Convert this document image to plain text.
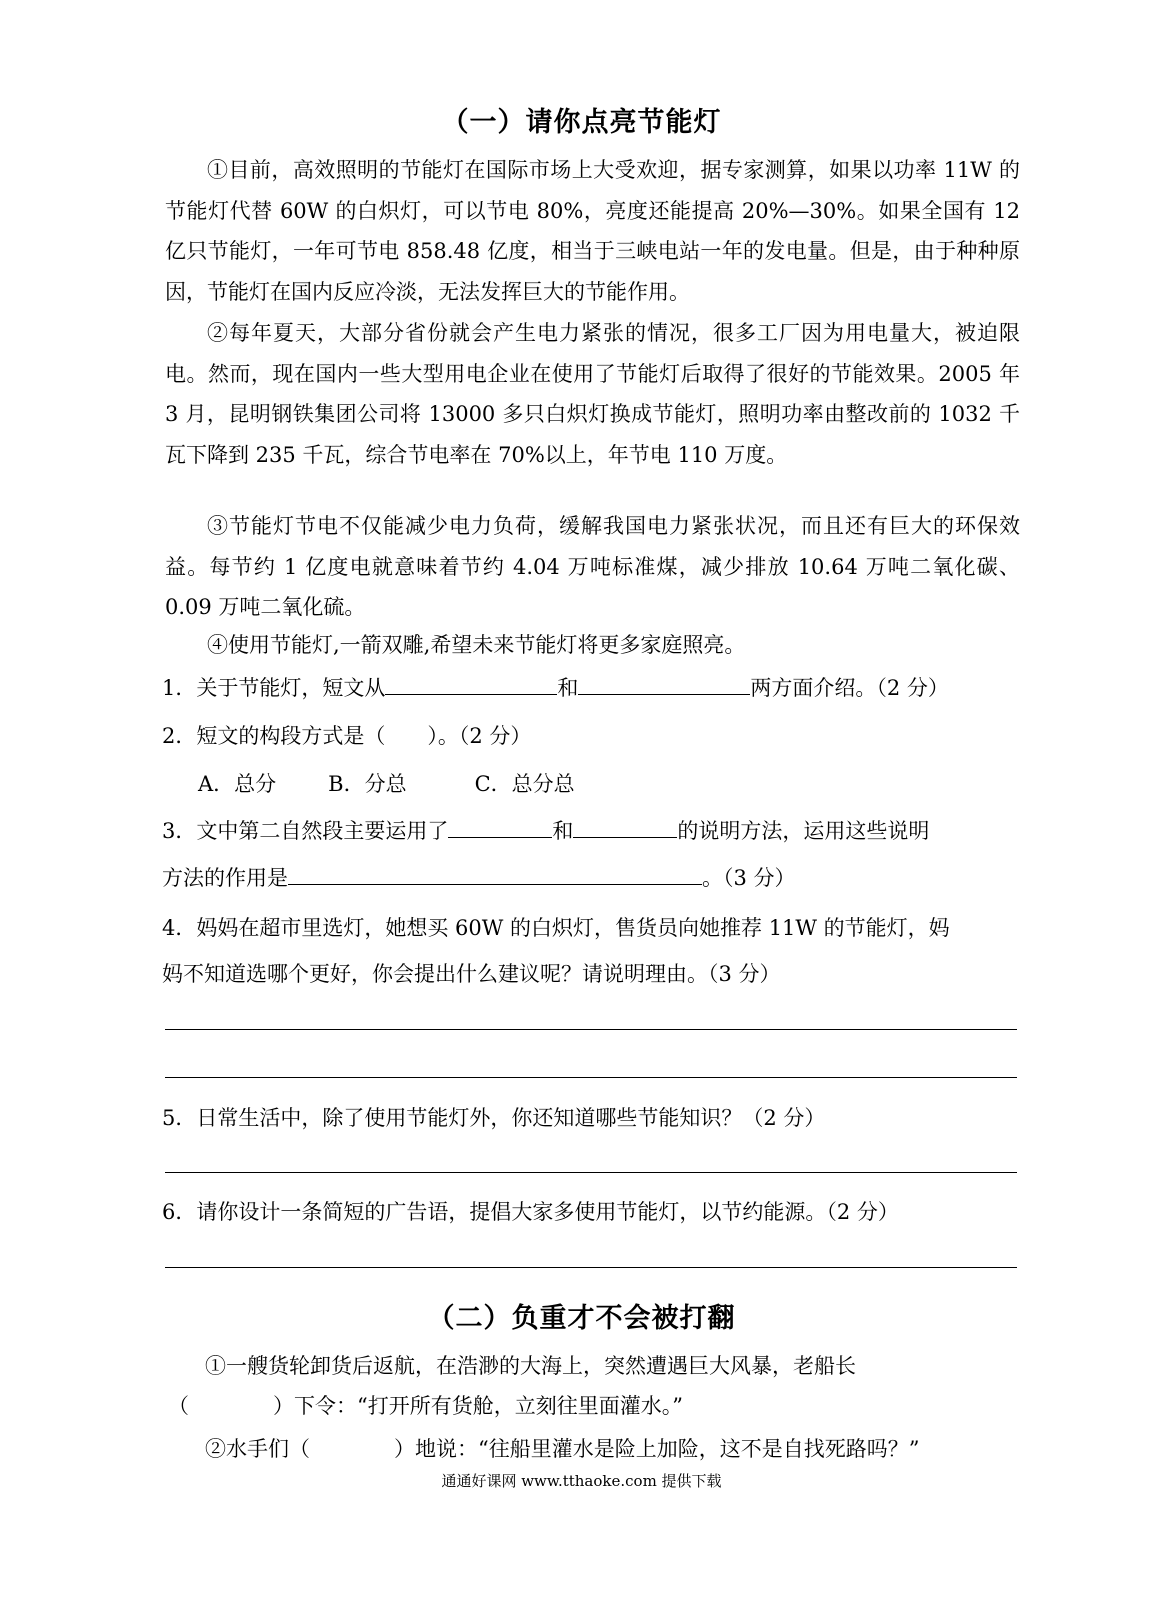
（一）请你点亮节能灯

①目前，高效照明的节能灯在国际市场上大受欢迎，据专家测算，如果以功率 11W 的节能灯代替 60W 的白炽灯，可以节电 80%，亮度还能提高 20%—30%。如果全国有 12 亿只节能灯，一年可节电 858.48 亿度，相当于三峡电站一年的发电量。但是，由于种种原因，节能灯在国内反应冷淡，无法发挥巨大的节能作用。

②每年夏天，大部分省份就会产生电力紧张的情况，很多工厂因为用电量大，被迫限电。然而，现在国内一些大型用电企业在使用了节能灯后取得了很好的节能效果。2005 年 3 月，昆明钢铁集团公司将 13000 多只白炽灯换成节能灯，照明功率由整改前的 1032 千瓦下降到 235 千瓦，综合节电率在 70%以上，年节电 110 万度。

③节能灯节电不仅能减少电力负荷，缓解我国电力紧张状况，而且还有巨大的环保效益。每节约 1 亿度电就意味着节约 4.04 万吨标准煤，减少排放 10.64 万吨二氧化碳、0.09 万吨二氧化硫。

④使用节能灯,一箭双雕,希望未来节能灯将更多家庭照亮。

1．关于节能灯，短文从	和	两方面介绍。（2 分）
2．短文的构段方式是（　　）。（2 分）
A．总分 B．分总	C．总分总
3．文中第二自然段主要运用了	和	的说明方法，运用这些说明
方法的作用是	。（3 分）
4．妈妈在超市里选灯，她想买 60W 的白炽灯，售货员向她推荐 11W 的节能灯，妈
妈不知道选哪个更好，你会提出什么建议呢？请说明理由。（3 分）
5．日常生活中，除了使用节能灯外，你还知道哪些节能知识？（2 分）
6．请你设计一条简短的广告语，提倡大家多使用节能灯，以节约能源。（2 分）
（二）负重才不会被打翻
①一艘货轮卸货后返航，在浩渺的大海上，突然遭遇巨大风暴，老船长
（　　　　）下令：“打开所有货舱，立刻往里面灌水。”
②水手们（　　　　）地说：“往船里灌水是险上加险，这不是自找死路吗？”
通通好课网 www.tthaoke.com 提供下载
